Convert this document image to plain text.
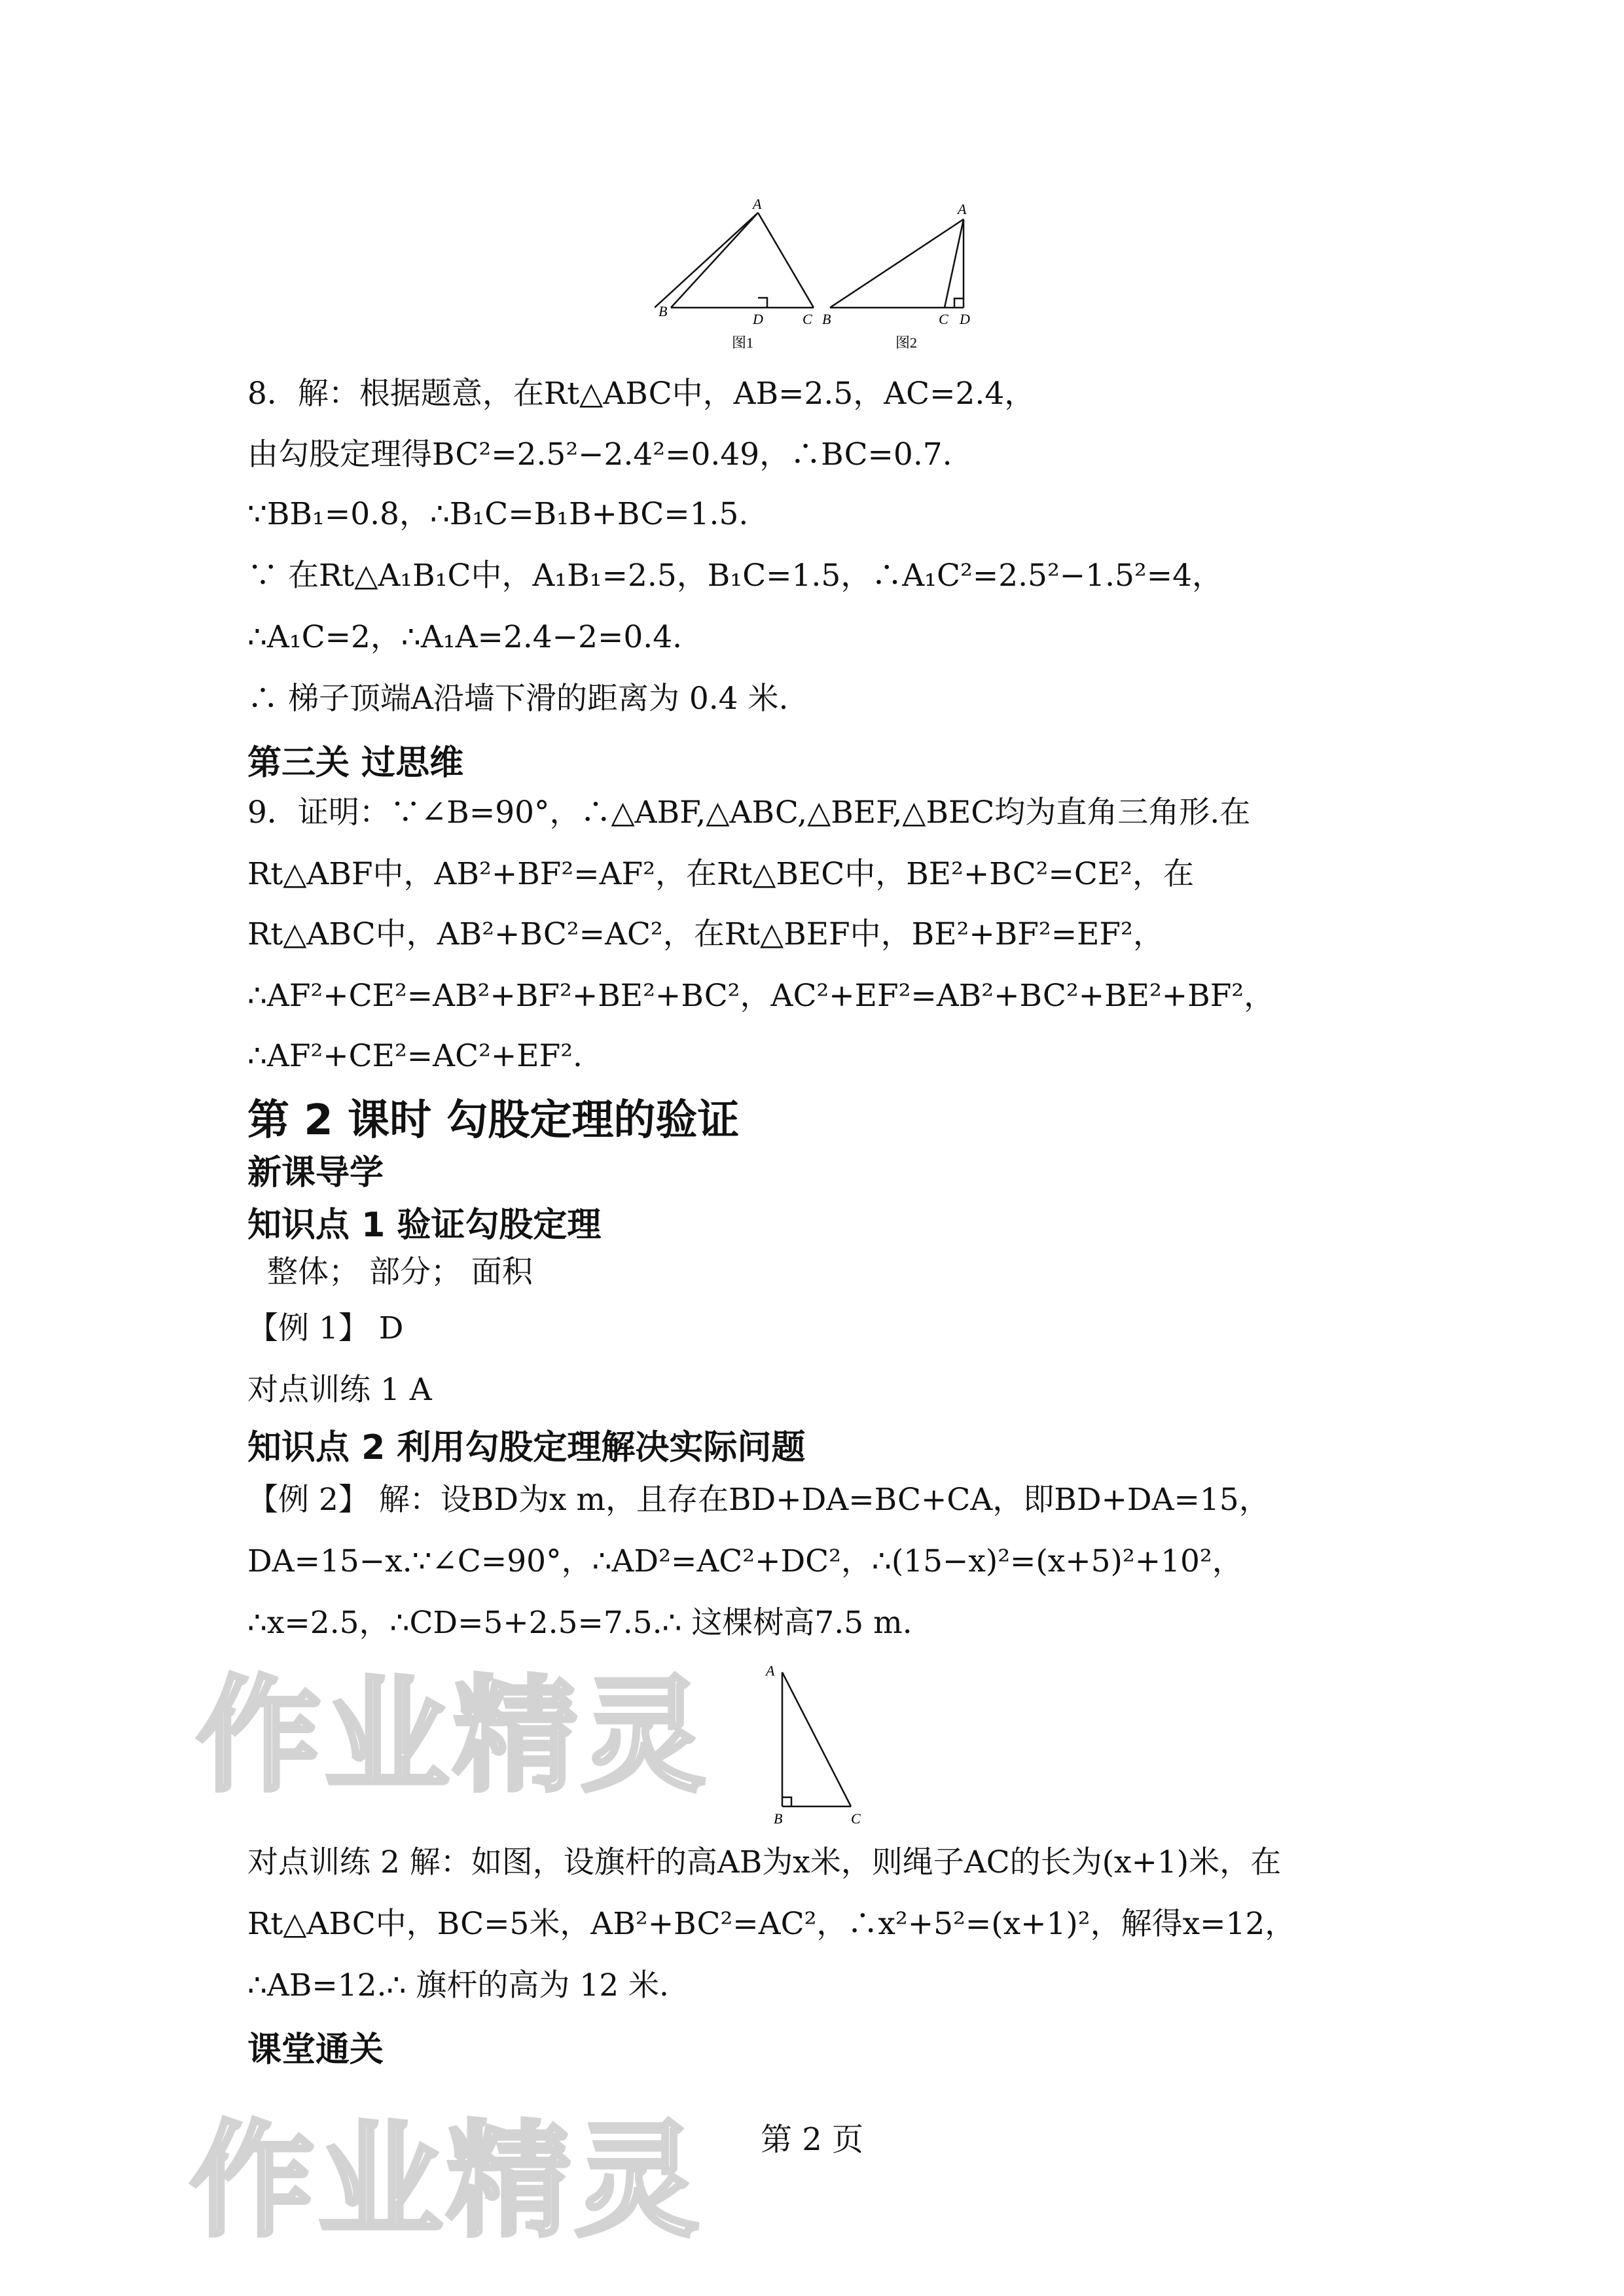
A
B	D	C
图1
A
B	C D
图2
8．解：根据题意，在Rt△ABC中，AB=2.5，AC=2.4，
由勾股定理得BC²=2.5²−2.4²=0.49，∴BC=0.7.
∵BB₁=0.8，∴B₁C=B₁B+BC=1.5.
∵ 在Rt△A₁B₁C中，A₁B₁=2.5，B₁C=1.5，∴A₁C²=2.5²−1.5²=4，
∴A₁C=2，∴A₁A=2.4−2=0.4.
∴ 梯子顶端A沿墙下滑的距离为 0.4 米.
第三关 过思维
9．证明：∵∠B=90°，∴△ABF,△ABC,△BEF,△BEC均为直角三角形.在
Rt△ABF中，AB²+BF²=AF²，在Rt△BEC中，BE²+BC²=CE²，在
Rt△ABC中，AB²+BC²=AC²，在Rt△BEF中，BE²+BF²=EF²，
∴AF²+CE²=AB²+BF²+BE²+BC²，AC²+EF²=AB²+BC²+BE²+BF²，
∴AF²+CE²=AC²+EF².
第 2 课时 勾股定理的验证
新课导学
知识点 1 验证勾股定理
整体； 部分； 面积
【例 1】 D
对点训练 1 A
知识点 2 利用勾股定理解决实际问题
【例 2】 解：设BD为x m，且存在BD+DA=BC+CA，即BD+DA=15，
DA=15−x.∵∠C=90°，∴AD²=AC²+DC²，∴(15−x)²=(x+5)²+10²，
∴x=2.5，∴CD=5+2.5=7.5.∴ 这棵树高7.5 m.
A
B	C
对点训练 2 解：如图，设旗杆的高AB为x米，则绳子AC的长为(x+1)米，在
Rt△ABC中，BC=5米，AB²+BC²=AC²，∴x²+5²=(x+1)²，解得x=12，
∴AB=12.∴ 旗杆的高为 12 米.
课堂通关
作业精灵
作业精灵	第 2 页
